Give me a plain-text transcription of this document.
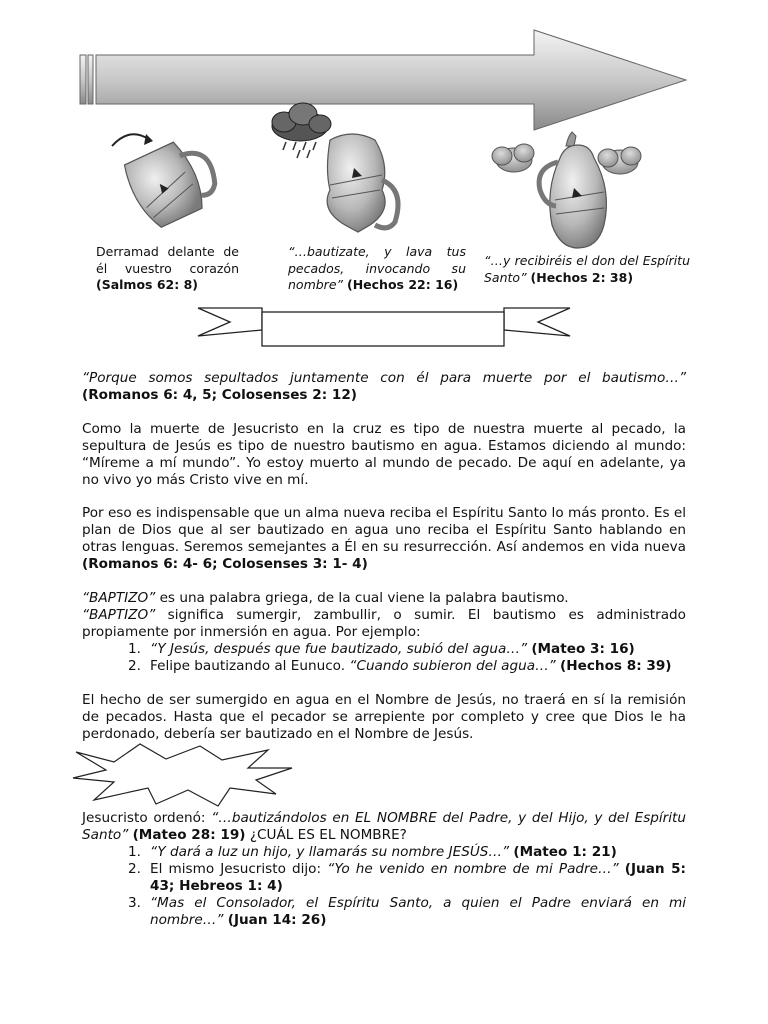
Derramad delante de él vuestro corazón (Salmos 62: 8)
“…bautizate, y lava tus pecados, invocando su nombre” (Hechos 22: 16)
“…y recibiréis el don del Espíritu Santo” (Hechos 2: 38)

“Porque somos sepultados juntamente con él para muerte por el bautismo…” (Romanos 6: 4, 5; Colosenses 2: 12)

Como la muerte de Jesucristo en la cruz es tipo de nuestra muerte al pecado, la sepultura de Jesús es tipo de nuestro bautismo en agua. Estamos diciendo al mundo: “Míreme a mí mundo”. Yo estoy muerto al mundo de pecado. De aquí en adelante, ya no vivo yo más Cristo vive en mí.

Por eso es indispensable que un alma nueva reciba el Espíritu Santo lo más pronto. Es el plan de Dios que al ser bautizado en agua uno reciba el Espíritu Santo hablando en otras lenguas. Seremos semejantes a Él en su resurrección. Así andemos en vida nueva (Romanos 6: 4- 6; Colosenses 3: 1- 4)

“BAPTIZO” es una palabra griega, de la cual viene la palabra bautismo.

“BAPTIZO” significa sumergir, zambullir, o sumir. El bautismo es administrado propiamente por inmersión en agua. Por ejemplo:

1. “Y Jesús, después que fue bautizado, subió del agua…” (Mateo 3: 16)
2. Felipe bautizando al Eunuco. “Cuando subieron del agua…” (Hechos 8: 39)

El hecho de ser sumergido en agua en el Nombre de Jesús, no traerá en sí la remisión de pecados. Hasta que el pecador se arrepiente por completo y cree que Dios le ha perdonado, debería ser bautizado en el Nombre de Jesús.

Jesucristo ordenó: “…bautizándolos en EL NOMBRE del Padre, y del Hijo, y del Espíritu Santo” (Mateo 28: 19) ¿CUÁL ES EL NOMBRE?

1. “Y dará a luz un hijo, y llamarás su nombre JESÚS…” (Mateo 1: 21)
2. El mismo Jesucristo dijo: “Yo he venido en nombre de mi Padre…” (Juan 5: 43; Hebreos 1: 4)
3. “Mas el Consolador, el Espíritu Santo, a quien el Padre enviará en mi nombre…” (Juan 14: 26)
